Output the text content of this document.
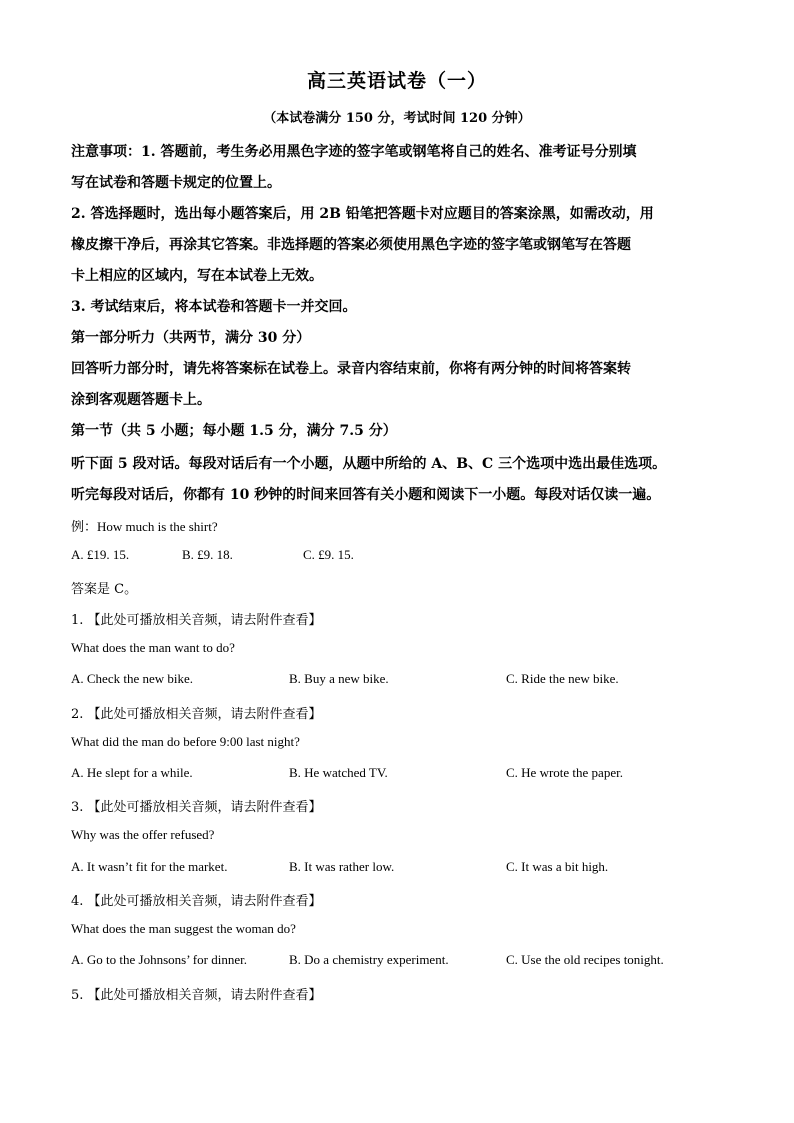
高三英语试卷（一）
（本试卷满分 150 分，考试时间 120 分钟）
注意事项：1. 答题前，考生务必用黑色字迹的签字笔或钢笔将自己的姓名、准考证号分别填
写在试卷和答题卡规定的位置上。
2. 答选择题时，选出每小题答案后，用 2B 铅笔把答题卡对应题目的答案涂黑，如需改动，用
橡皮擦干净后，再涂其它答案。非选择题的答案必须使用黑色字迹的签字笔或钢笔写在答题
卡上相应的区域内，写在本试卷上无效。
3. 考试结束后，将本试卷和答题卡一并交回。
第一部分听力（共两节，满分 30 分）
回答听力部分时，请先将答案标在试卷上。录音内容结束前，你将有两分钟的时间将答案转
涂到客观题答题卡上。
第一节（共 5 小题；每小题 1.5 分，满分 7.5 分）
听下面 5 段对话。每段对话后有一个小题，从题中所给的 A、B、C 三个选项中选出最佳选项。
听完每段对话后，你都有 10 秒钟的时间来回答有关小题和阅读下一小题。每段对话仅读一遍。
例：How much is the shirt?
A. £19. 15.	B. £9. 18.	C. £9. 15.
答案是 C。
1. 【此处可播放相关音频，请去附件查看】
What does the man want to do?
A. Check the new bike.	B. Buy a new bike.	C. Ride the new bike.
2. 【此处可播放相关音频，请去附件查看】
What did the man do before 9:00 last night?
A. He slept for a while.	B. He watched TV.	C. He wrote the paper.
3. 【此处可播放相关音频，请去附件查看】
Why was the offer refused?
A. It wasn’t fit for the market.	B. It was rather low.	C. It was a bit high.
4. 【此处可播放相关音频，请去附件查看】
What does the man suggest the woman do?
A. Go to the Johnsons’ for dinner.	B. Do a chemistry experiment.	C. Use the old recipes tonight.
5. 【此处可播放相关音频，请去附件查看】
